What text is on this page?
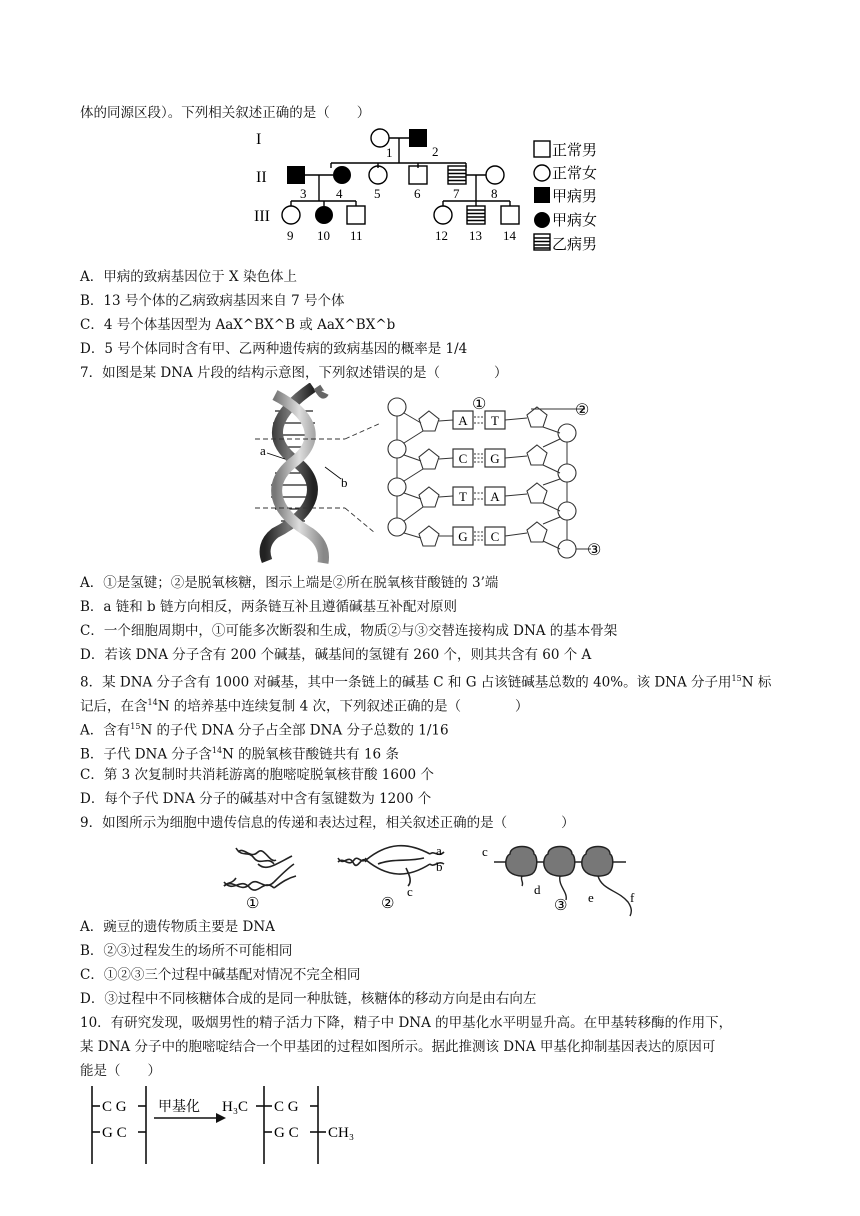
体的同源区段）。下列相关叙述正确的是（　　）
I
II
III
1	2
3 4 5	6	7 8
9 10 11	12 13 14
正常男
正常女
甲病男
甲病女
乙病男
A．甲病的致病基因位于 X 染色体上
B．13 号个体的乙病致病基因来自 7 号个体
C．4 号个体基因型为 AaX^BX^B 或 AaX^BX^b
D．5 号个体同时含有甲、乙两种遗传病的致病基因的概率是 1/4
7．如图是某 DNA 片段的结构示意图，下列叙述错误的是（　　　　）
a
b
A T
C G
T A
G C
①	②
③
A．①是氢键；②是脱氧核糖，图示上端是②所在脱氧核苷酸链的 3’端
B．a 链和 b 链方向相反，两条链互补且遵循碱基互补配对原则
C．一个细胞周期中，①可能多次断裂和生成，物质②与③交替连接构成 DNA 的基本骨架
D．若该 DNA 分子含有 200 个碱基，碱基间的氢键有 260 个，则其共含有 60 个 A
8．某 DNA 分子含有 1000 对碱基，其中一条链上的碱基 C 和 G 占该链碱基总数的 40%。该 DNA 分子用$^{15}$N 标
记后，在含$^{14}$N 的培养基中连续复制 4 次，下列叙述正确的是（　　　　）
A．含有$^{15}$N 的子代 DNA 分子占全部 DNA 分子总数的 1/16
B．子代 DNA 分子含$^{14}$N 的脱氧核苷酸链共有 16 条
C．第 3 次复制时共消耗游离的胞嘧啶脱氧核苷酸 1600 个
D．每个子代 DNA 分子的碱基对中含有氢键数为 1200 个
9．如图所示为细胞中遗传信息的传递和表达过程，相关叙述正确的是（　　　　）
①	②	③
a
b
c
c
d
e	f
A．豌豆的遗传物质主要是 DNA
B．②③过程发生的场所不可能相同
C．①②③三个过程中碱基配对情况不完全相同
D．③过程中不同核糖体合成的是同一种肽链，核糖体的移动方向是由右向左
10．有研究发现，吸烟男性的精子活力下降，精子中 DNA 的甲基化水平明显升高。在甲基转移酶的作用下，
某 DNA 分子中的胞嘧啶结合一个甲基团的过程如图所示。据此推测该 DNA 甲基化抑制基因表达的原因可
能是（　　）
C G
G C
C G
G C
H₃C
CH₃
甲基化
